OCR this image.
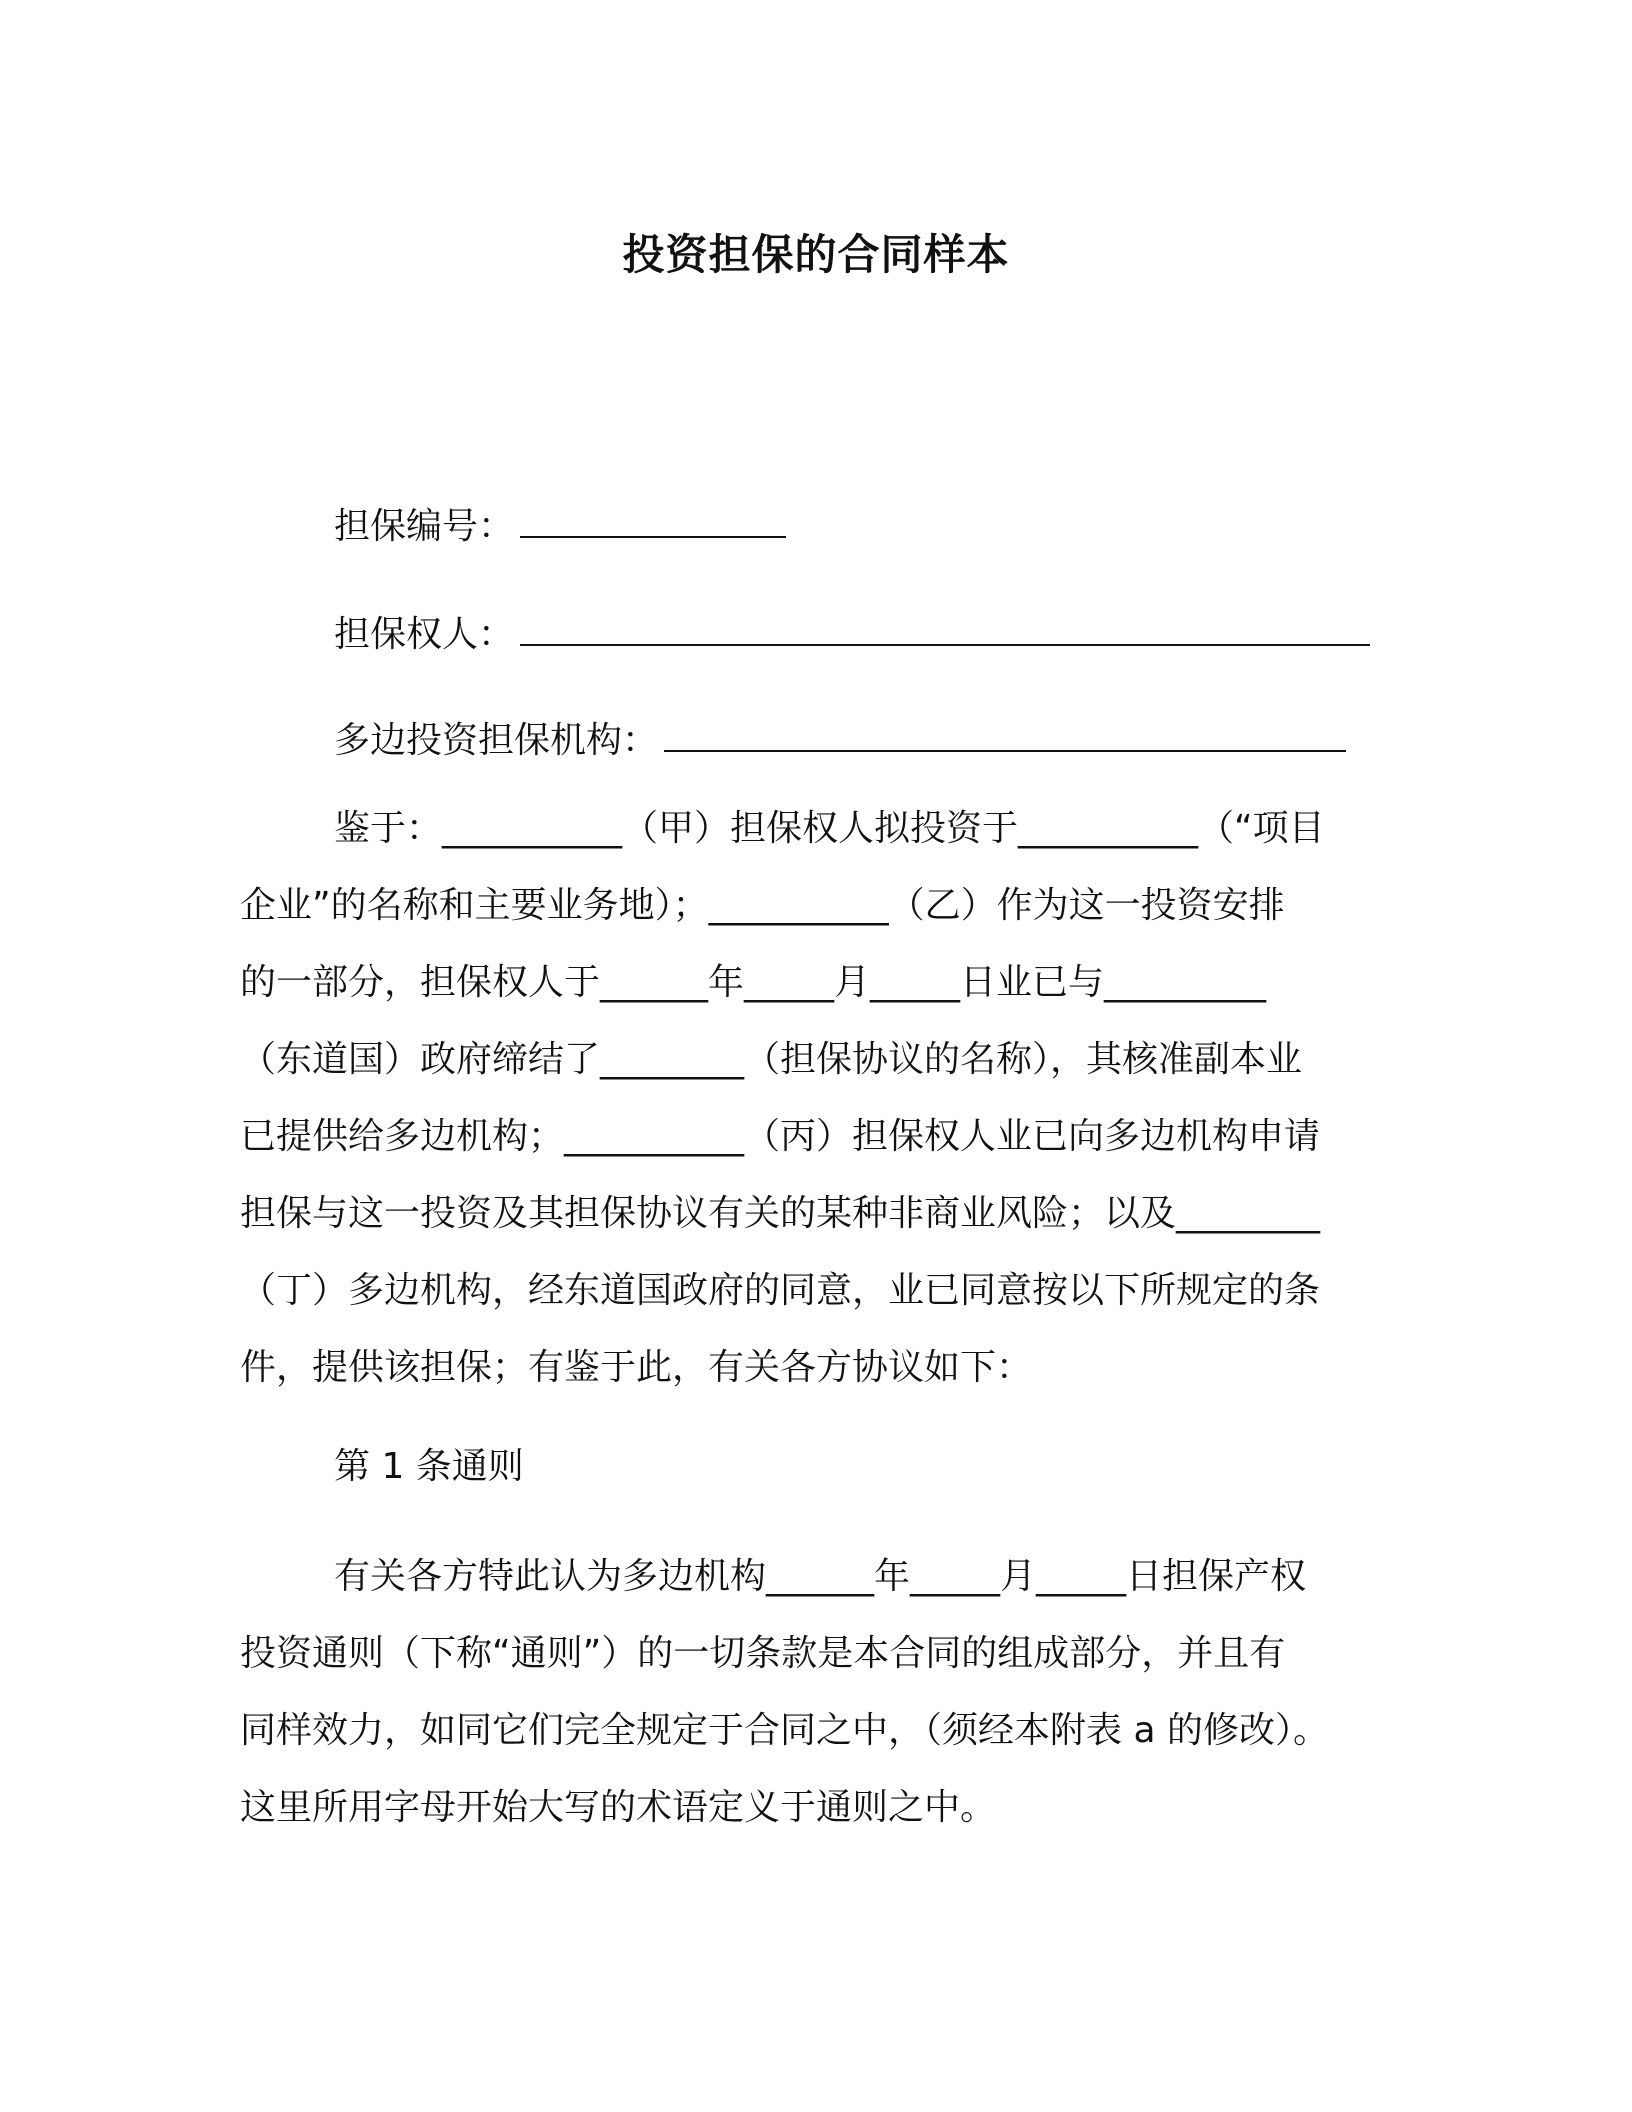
投资担保的合同样本

担保编号：

担保权人：

多边投资担保机构：

鉴于：__________（甲）担保权人拟投资于__________（“项目
企业”的名称和主要业务地）；__________（乙）作为这一投资安排
的一部分，担保权人于______年_____月_____日业已与_________
（东道国）政府缔结了________（担保协议的名称），其核准副本业
已提供给多边机构；__________（丙）担保权人业已向多边机构申请
担保与这一投资及其担保协议有关的某种非商业风险；以及________
（丁）多边机构，经东道国政府的同意，业已同意按以下所规定的条
件，提供该担保；有鉴于此，有关各方协议如下：
第 1 条通则
有关各方特此认为多边机构______年_____月_____日担保产权
投资通则（下称“通则”）的一切条款是本合同的组成部分，并且有
同样效力，如同它们完全规定于合同之中，（须经本附表 a 的修改）。
这里所用字母开始大写的术语定义于通则之中。
